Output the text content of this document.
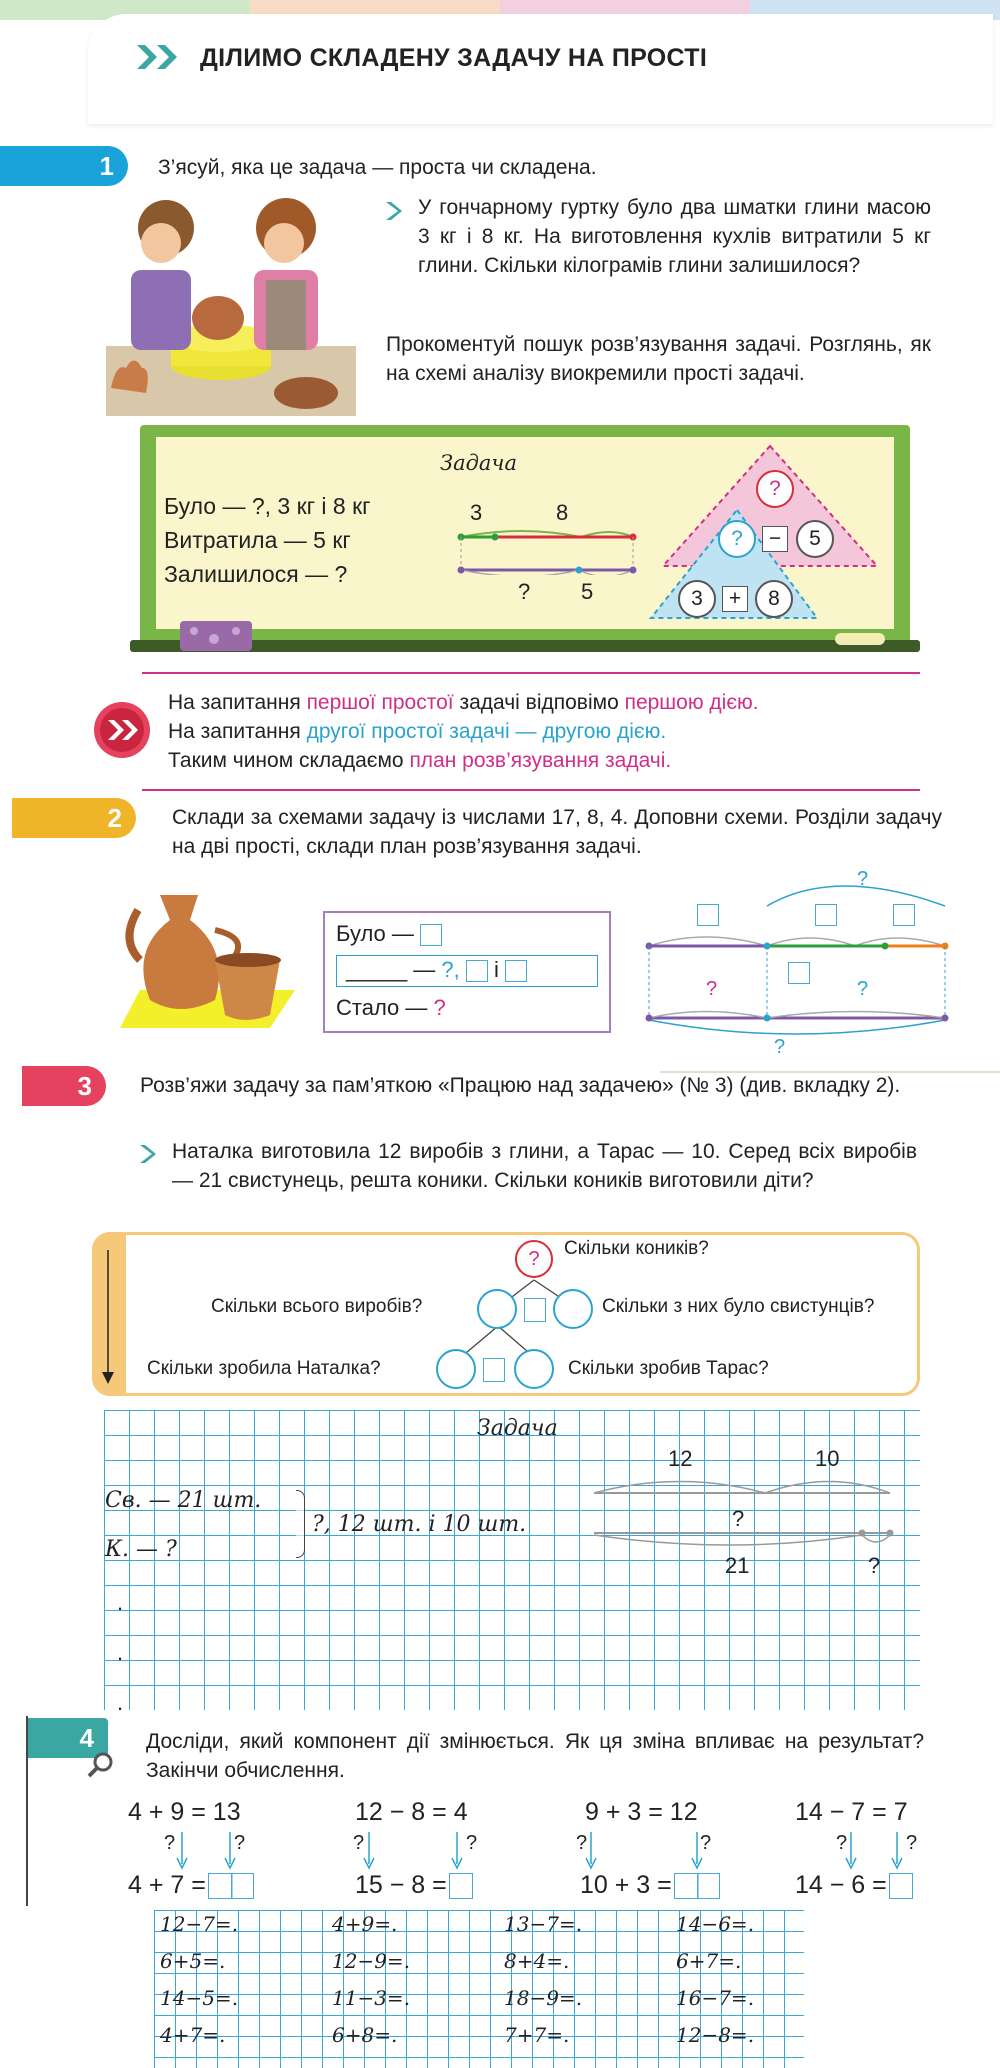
ДІЛИМО СКЛАДЕНУ ЗАДАЧУ НА ПРОСТІ
1	З’ясуй, яка це задача — проста чи складена.
У гончарному гуртку було два шматки глини масою 3 кг і 8 кг. На виготовлення кухлів витратили 5 кг глини. Скільки кілограмів глини залишилося?
Прокоментуй пошук розв’язування задачі. Розглянь, як на схемі аналізу виокремили прості задачі.
Задача
Було — ?, 3 кг і 8 кг
Витратила — 5 кг
Залишилося — ?
3	8
? 5
?
?	−	5
3	+	8
На запитання першої простої задачі відповімо першою дією.
На запитання другої простої задачі — другою дією.
Таким чином складаємо план розв’язування задачі.
2	Склади за схемами задачу із числами 17, 8, 4. Доповни схеми. Розділи задачу на дві прості, склади план розв’язування задачі.
Було —
_____ — ?, і
Стало — ?
?
?	?
?
3	Розв’яжи задачу за пам’яткою «Працюю над задачею» (№ 3) (див. вкладку 2).
Наталка виготовила 12 виробів з глини, а Тарас — 10. Серед всіх виробів — 21 свистунець, решта коники. Скільки коників виготовили діти?
?	Скільки коників?
Скільки всього виробів?	Скільки з них було свистунців?
Скільки зробила Наталка?	Скільки зробив Тарас?
Задача
Св. — 21 шт.
К. — ?
?, 12 шт. і 10 шт.
12	10
?
21	?
.
.
.
4	Досліди, який компонент дії змінюється. Як ця зміна впливає на результат? Закінчи обчислення.
4 + 9 = 13	12 − 8 = 4	9 + 3 = 12	14 − 7 = 7
?	?	?	?	?	?	?	?
4 + 7 =	15 − 8 =	10 + 3 =	14 − 6 =
12−7=.	4+9=.	13−7=.	14−6=.
6+5=.	12−9=.	8+4=.	6+7=.
14−5=.	11−3=.	18−9=.	16−7=.
4+7=.	6+8=.	7+7=.	12−8=.
